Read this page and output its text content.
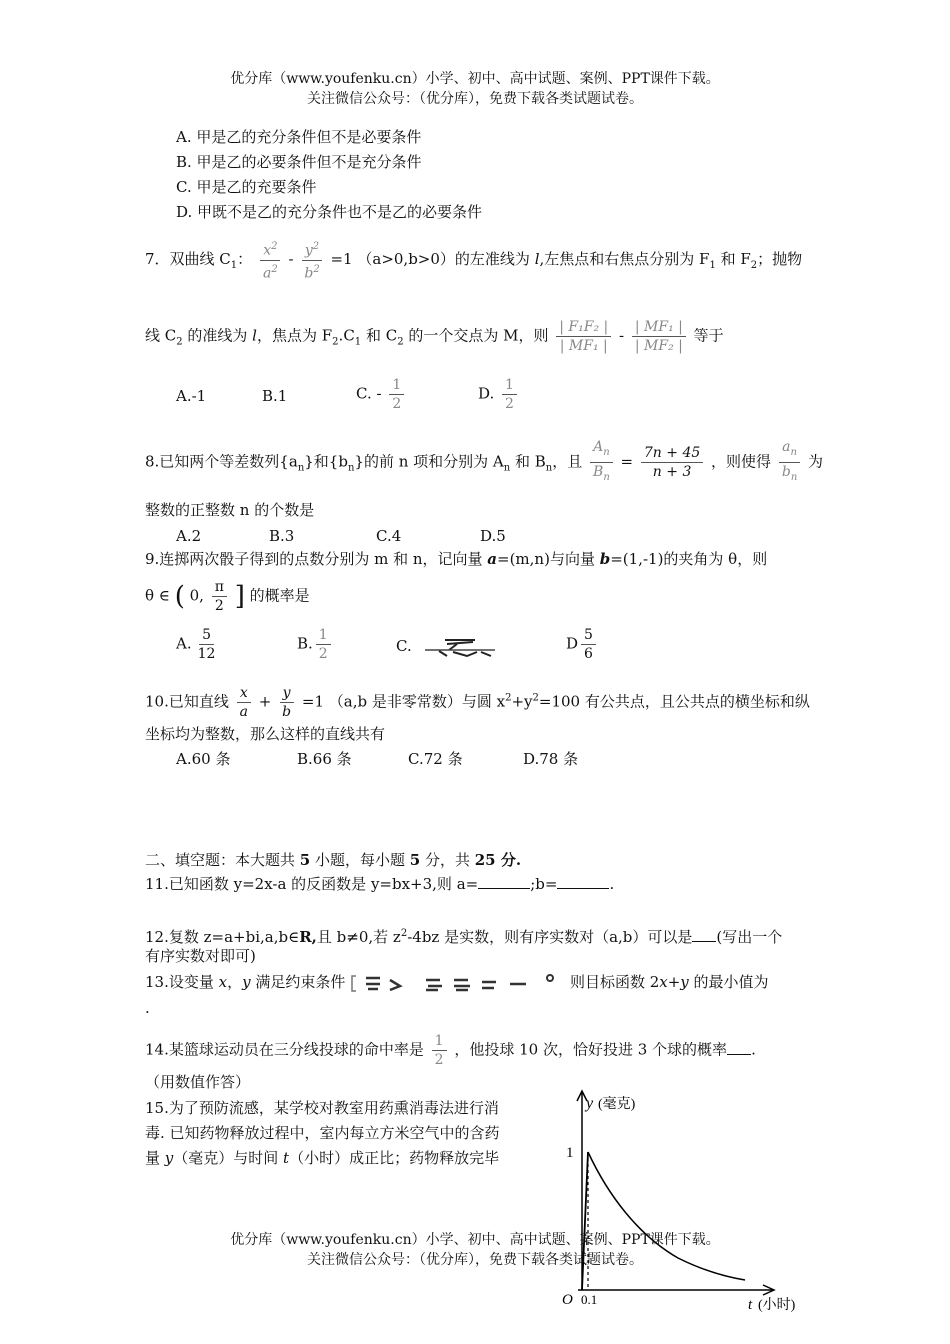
优分库（www.youfenku.cn）小学、初中、高中试题、案例、PPT课件下载。
关注微信公众号：（优分库），免费下载各类试题试卷。
A. 甲是乙的充分条件但不是必要条件
B. 甲是乙的必要条件但不是充分条件
C. 甲是乙的充要条件
D. 甲既不是乙的充分条件也不是乙的必要条件
7．双曲线 $C_1$： $\frac{x^2}{a^2} - \frac{y^2}{b^2} =1$ （a>0,b>0）的左准线为 l,左焦点和右焦点分别为 $F_1$ 和 $F_2$；抛物
线 $C_2$ 的准线为 l，焦点为 $F_2.C_1$ 和 $C_2$ 的一个交点为 M，则 $\frac{\text{| F₁F₂ |}}{\text{| MF₁ |}} - \frac{\text{| MF₁ |}}{\text{| MF₂ |}}$ 等于
A.-1	B.1	C. - $\frac{1}{2}$	D. $\frac{1}{2}$
8.已知两个等差数列$\{a_n\}$和$\{b_n\}$的前 n 项和分别为 $A_n$ 和 $B_n$，且 $\frac{A_n}{B_n} = \frac{7n + 45}{n + 3}$ ，则使得 $\frac{a_n}{b_n}$ 为
整数的正整数 n 的个数是
A.2	B.3	C.4	D.5
9.连掷两次骰子得到的点数分别为 m 和 n，记向量 a=(m,n)与向量 b=(1,-1)的夹角为 θ，则
θ ∈ ( 0, $\frac{\pi}{2}$ ] 的概率是
A. $\frac{5}{12}$	B. $\frac{1}{2}$	C.	D $\frac{5}{6}$
10.已知直线 $\frac{x}{a} + \frac{y}{b} =1$ （a,b 是非零常数）与圆 $x^2+y^2=100$ 有公共点，且公共点的横坐标和纵
坐标均为整数，那么这样的直线共有
A.60 条	B.66 条	C.72 条	D.78 条
二、填空题：本大题共 5 小题，每小题 5 分，共 25 分.
11.已知函数 y=2x-a 的反函数是 y=bx+3,则 a=	;b=	.
12.复数 z=a+bi,a,b∈R,且 b≠0,若 $z^2-4bz$ 是实数，则有序实数对（a,b）可以是 (写出一个
有序实数对即可)
13.设变量 x，y 满足约束条件	则目标函数 2x+y 的最小值为
.
14.某篮球运动员在三分线投球的命中率是 $\frac{1}{2}$ ，他投球 10 次，恰好投进 3 个球的概率 .
（用数值作答）
15.为了预防流感，某学校对教室用药熏消毒法进行消
毒. 已知药物释放过程中，室内每立方米空气中的含药
量 y（毫克）与时间 t（小时）成正比；药物释放完毕
y (毫克)
1
O 0.1	t (小时)
优分库（www.youfenku.cn）小学、初中、高中试题、案例、PPT课件下载。
关注微信公众号：（优分库），免费下载各类试题试卷。
